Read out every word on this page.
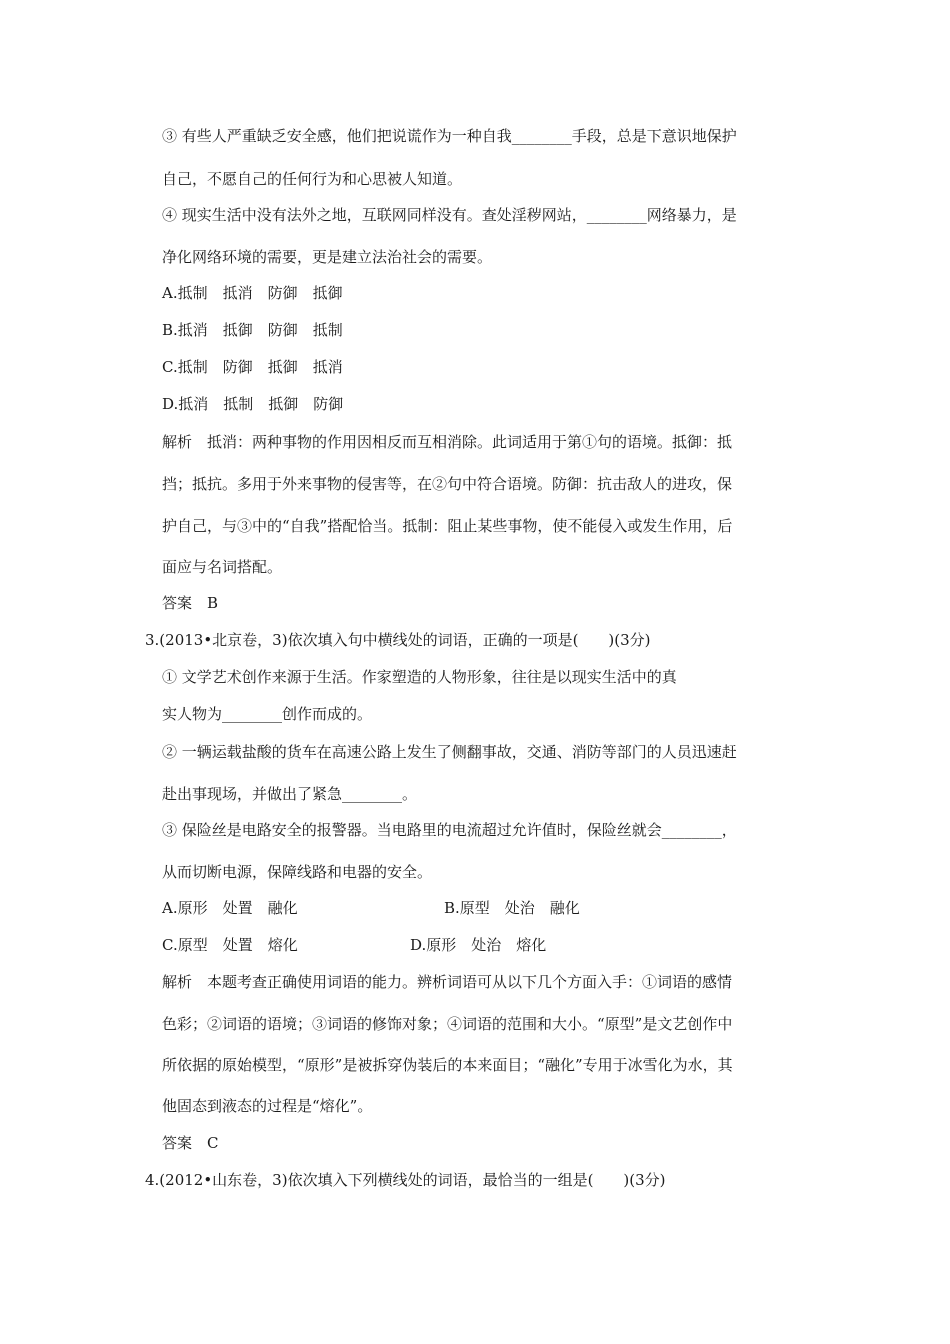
③ 有些人严重缺乏安全感，他们把说谎作为一种自我________手段，总是下意识地保护

自己，不愿自己的任何行为和心思被人知道。

④ 现实生活中没有法外之地，互联网同样没有。查处淫秽网站，________网络暴力，是

净化网络环境的需要，更是建立法治社会的需要。

A.抵制　抵消　防御　抵御

B.抵消　抵御　防御　抵制

C.抵制　防御　抵御　抵消

D.抵消　抵制　抵御　防御

解析　抵消：两种事物的作用因相反而互相消除。此词适用于第①句的语境。抵御：抵

挡；抵抗。多用于外来事物的侵害等，在②句中符合语境。防御：抗击敌人的进攻，保

护自己，与③中的“自我”搭配恰当。抵制：阻止某些事物，使不能侵入或发生作用，后

面应与名词搭配。

答案　B

3.(2013•北京卷，3)依次填入句中横线处的词语，正确的一项是(　　)(3分)

① 文学艺术创作来源于生活。作家塑造的人物形象，往往是以现实生活中的真

实人物为________创作而成的。

② 一辆运载盐酸的货车在高速公路上发生了侧翻事故，交通、消防等部门的人员迅速赶

赴出事现场，并做出了紧急________。

③ 保险丝是电路安全的报警器。当电路里的电流超过允许值时，保险丝就会________，

从而切断电源，保障线路和电器的安全。

A.原形　处置　融化	B.原型　处治　融化

C.原型　处置　熔化	D.原形　处治　熔化

解析　本题考查正确使用词语的能力。辨析词语可从以下几个方面入手：①词语的感情

色彩；②词语的语境；③词语的修饰对象；④词语的范围和大小。“原型”是文艺创作中

所依据的原始模型，“原形”是被拆穿伪装后的本来面目；“融化”专用于冰雪化为水，其

他固态到液态的过程是“熔化”。

答案　C

4.(2012•山东卷，3)依次填入下列横线处的词语，最恰当的一组是(　　)(3分)
